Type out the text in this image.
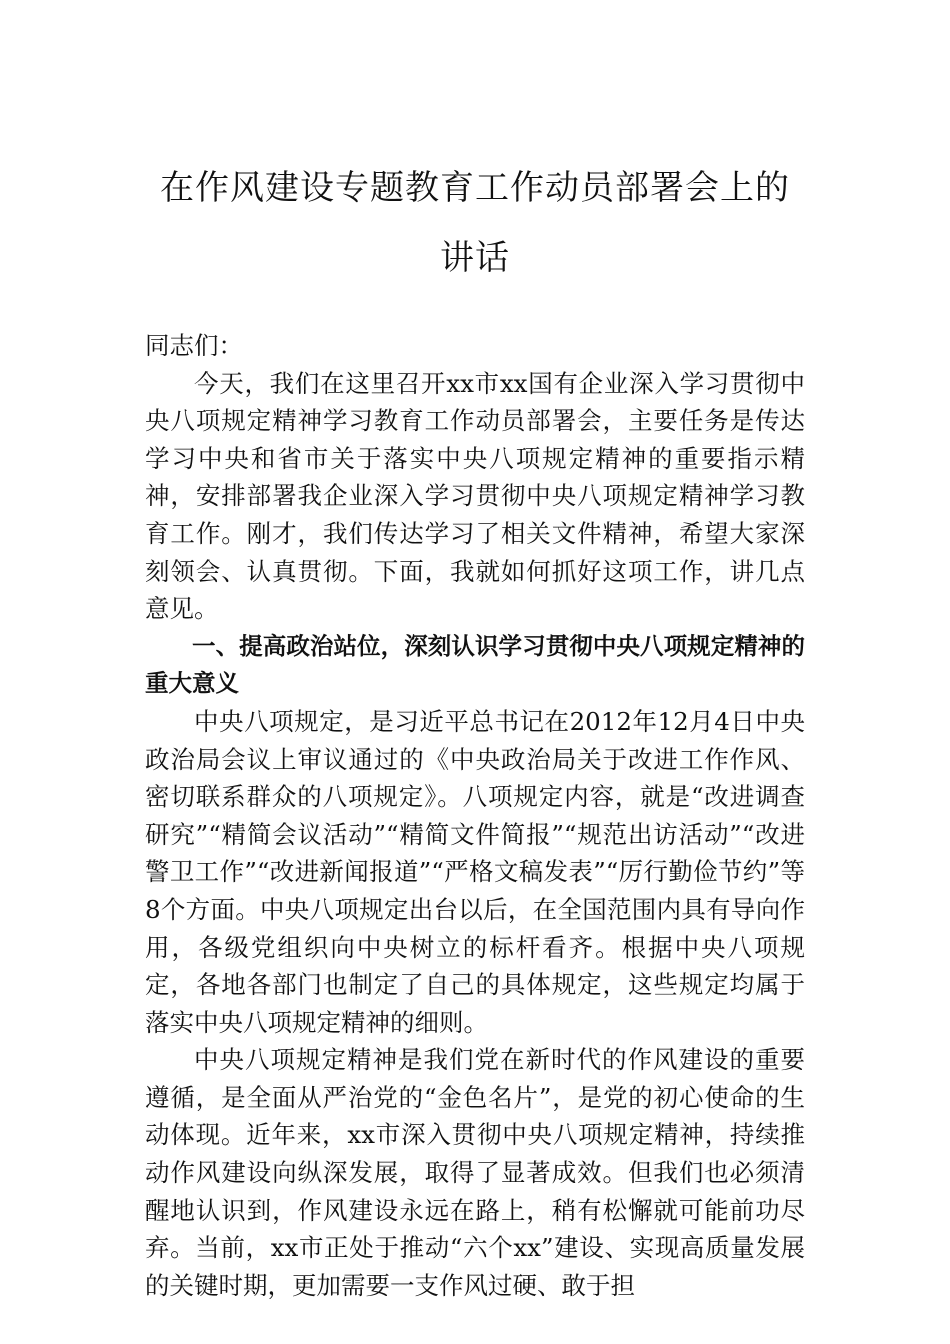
在作风建设专题教育工作动员部署会上的
讲话

同志们：

今天，我们在这里召开xx市xx国有企业深入学习贯彻中央八项规定精神学习教育工作动员部署会，主要任务是传达学习中央和省市关于落实中央八项规定精神的重要指示精神，安排部署我企业深入学习贯彻中央八项规定精神学习教育工作。刚才，我们传达学习了相关文件精神，希望大家深刻领会、认真贯彻。下面，我就如何抓好这项工作，讲几点意见。

一、提高政治站位，深刻认识学习贯彻中央八项规定精神的重大意义

中央八项规定，是习近平总书记在2012年12月4日中央政治局会议上审议通过的《中央政治局关于改进工作作风、密切联系群众的八项规定》。八项规定内容，就是“改进调查研究”“精简会议活动”“精简文件简报”“规范出访活动”“改进警卫工作”“改进新闻报道”“严格文稿发表”“厉行勤俭节约”等8个方面。中央八项规定出台以后，在全国范围内具有导向作用，各级党组织向中央树立的标杆看齐。根据中央八项规定，各地各部门也制定了自己的具体规定，这些规定均属于落实中央八项规定精神的细则。

中央八项规定精神是我们党在新时代的作风建设的重要遵循，是全面从严治党的“金色名片”，是党的初心使命的生动体现。近年来，xx市深入贯彻中央八项规定精神，持续推动作风建设向纵深发展，取得了显著成效。但我们也必须清醒地认识到，作风建设永远在路上，稍有松懈就可能前功尽弃。当前，xx市正处于推动“六个xx”建设、实现高质量发展的关键时期，更加需要一支作风过硬、敢于担
